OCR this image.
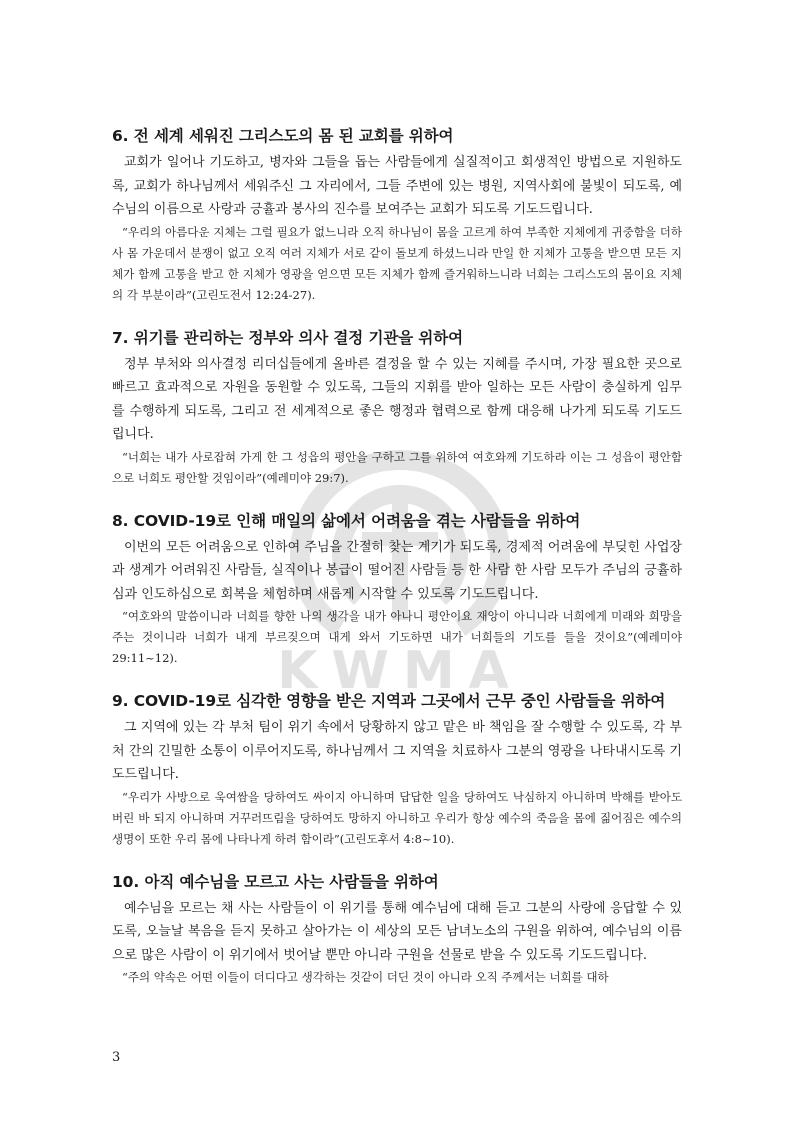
KWMA
6. 전 세계 세워진 그리스도의 몸 된 교회를 위하여

교회가 일어나 기도하고, 병자와 그들을 돕는 사람들에게 실질적이고 회생적인 방법으로 지원하도록, 교회가 하나님께서 세워주신 그 자리에서, 그들 주변에 있는 병원, 지역사회에 불빛이 되도록, 예수님의 이름으로 사랑과 긍휼과 봉사의 진수를 보여주는 교회가 되도록 기도드립니다.

“우리의 아름다운 지체는 그럴 필요가 없느니라 오직 하나님이 몸을 고르게 하여 부족한 지체에게 귀중함을 더하사 몸 가운데서 분쟁이 없고 오직 여러 지체가 서로 같이 돌보게 하셨느니라 만일 한 지체가 고통을 받으면 모든 지체가 함께 고통을 받고 한 지체가 영광을 얻으면 모든 지체가 함께 즐거워하느니라 너희는 그리스도의 몸이요 지체의 각 부분이라”(고린도전서 12:24-27).

7. 위기를 관리하는 정부와 의사 결정 기관을 위하여

정부 부처와 의사결정 리더십들에게 올바른 결정을 할 수 있는 지혜를 주시며, 가장 필요한 곳으로 빠르고 효과적으로 자원을 동원할 수 있도록, 그들의 지휘를 받아 일하는 모든 사람이 충실하게 임무를 수행하게 되도록, 그리고 전 세계적으로 좋은 행정과 협력으로 함께 대응해 나가게 되도록 기도드립니다.

“너희는 내가 사로잡혀 가게 한 그 성읍의 평안을 구하고 그를 위하여 여호와께 기도하라 이는 그 성읍이 평안함으로 너희도 평안할 것임이라”(예레미야 29:7).

8. COVID-19로 인해 매일의 삶에서 어려움을 겪는 사람들을 위하여

이번의 모든 어려움으로 인하여 주님을 간절히 찾는 계기가 되도록, 경제적 어려움에 부딪힌 사업장과 생계가 어려워진 사람들, 실직이나 봉급이 떨어진 사람들 등 한 사람 한 사람 모두가 주님의 긍휼하심과 인도하심으로 회복을 체험하며 새롭게 시작할 수 있도록 기도드립니다.

“여호와의 말씀이니라 너희를 향한 나의 생각을 내가 아나니 평안이요 재앙이 아니니라 너희에게 미래와 희망을 주는 것이니라 너희가 내게 부르짖으며 내게 와서 기도하면 내가 너희들의 기도를 들을 것이요”(예레미야 29:11~12).

9. COVID-19로 심각한 영향을 받은 지역과 그곳에서 근무 중인 사람들을 위하여

그 지역에 있는 각 부처 팀이 위기 속에서 당황하지 않고 맡은 바 책임을 잘 수행할 수 있도록, 각 부처 간의 긴밀한 소통이 이루어지도록, 하나님께서 그 지역을 치료하사 그분의 영광을 나타내시도록 기도드립니다.

“우리가 사방으로 욱여쌈을 당하여도 싸이지 아니하며 답답한 일을 당하여도 낙심하지 아니하며 박해를 받아도 버린 바 되지 아니하며 거꾸러뜨림을 당하여도 망하지 아니하고 우리가 항상 예수의 죽음을 몸에 짊어짐은 예수의 생명이 또한 우리 몸에 나타나게 하려 함이라”(고린도후서 4:8~10).

10. 아직 예수님을 모르고 사는 사람들을 위하여

예수님을 모르는 채 사는 사람들이 이 위기를 통해 예수님에 대해 듣고 그분의 사랑에 응답할 수 있도록, 오늘날 복음을 듣지 못하고 살아가는 이 세상의 모든 남녀노소의 구원을 위하여, 예수님의 이름으로 많은 사람이 이 위기에서 벗어날 뿐만 아니라 구원을 선물로 받을 수 있도록 기도드립니다.

“주의 약속은 어떤 이들이 더디다고 생각하는 것같이 더딘 것이 아니라 오직 주께서는 너희를 대하

3
